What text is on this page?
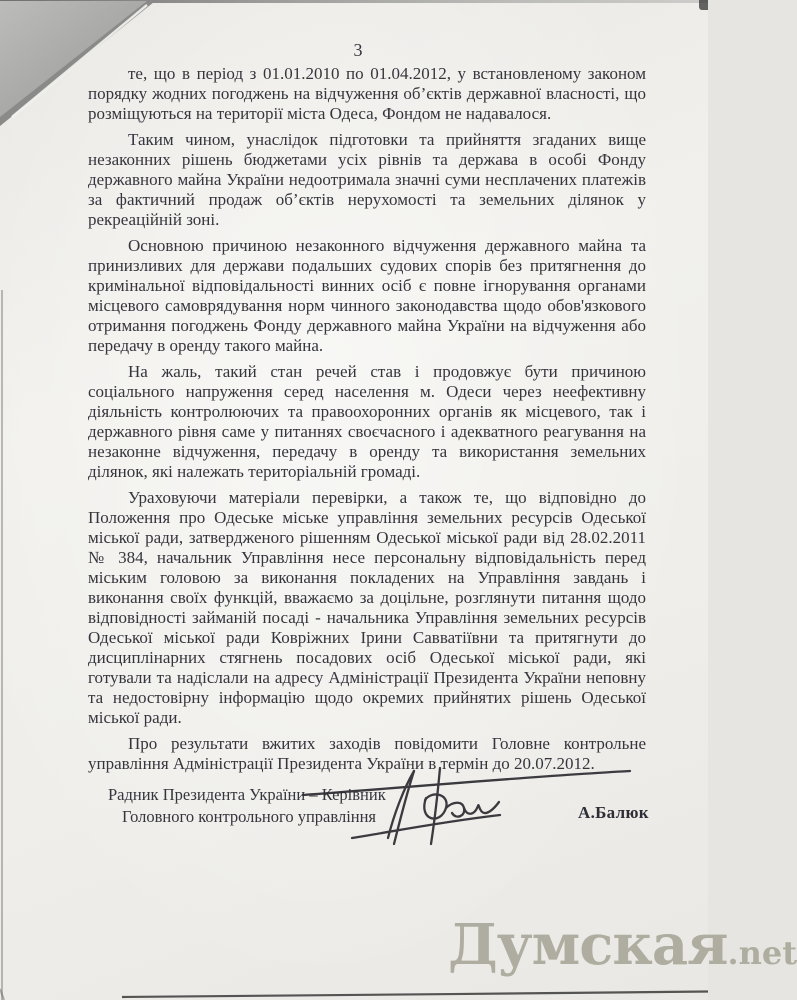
3

те, що в період з 01.01.2010 по 01.04.2012, у встановленому законом порядку жодних погоджень на відчуження об’єктів державної власності, що розміщуються на території міста Одеса, Фондом не надавалося.

Таким чином, унаслідок підготовки та прийняття згаданих вище незаконних рішень бюджетами усіх рівнів та держава в особі Фонду державного майна України недоотримала значні суми несплачених платежів за фактичний продаж об’єктів нерухомості та земельних ділянок у рекреаційній зоні.

Основною причиною незаконного відчуження державного майна та принизливих для держави подальших судових спорів без притягнення до кримінальної відповідальності винних осіб є повне ігнорування органами місцевого самоврядування норм чинного законодавства щодо обов'язкового отримання погоджень Фонду державного майна України на відчуження або передачу в оренду такого майна.

На жаль, такий стан речей став і продовжує бути причиною соціального напруження серед населення м. Одеси через неефективну діяльність контролюючих та правоохоронних органів як місцевого, так і державного рівня саме у питаннях своєчасного і адекватного реагування на незаконне відчуження, передачу в оренду та використання земельних ділянок, які належать територіальній громаді.

Ураховуючи матеріали перевірки, а також те, що відповідно до Положення про Одеське міське управління земельних ресурсів Одеської міської ради, затвердженого рішенням Одеської міської ради від 28.02.2011 № 384, начальник Управління несе персональну відповідальність перед міським головою за виконання покладених на Управління завдань і виконання своїх функцій, вважаємо за доцільне, розглянути питання щодо відповідності займаній посаді - начальника Управління земельних ресурсів Одеської міської ради Ковріжних Ірини Савватіївни та притягнути до дисциплінарних стягнень посадових осіб Одеської міської ради, які готували та надіслали на адресу Адміністрації Президента України неповну та недостовірну інформацію щодо окремих прийнятих рішень Одеської міської ради.

Про результати вжитих заходів повідомити Головне контрольне управління Адміністрації Президента України в термін до 20.07.2012.

Радник Президента України – Керівник
Головного контрольного управління	А.Балюк
Думская.net
